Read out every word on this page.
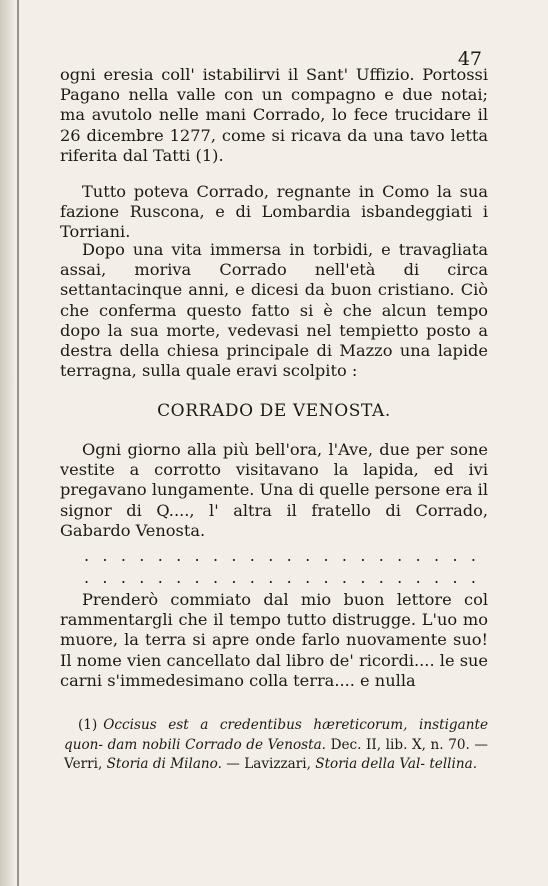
47
ogni eresia coll' istabilirvi il Sant' Uffizio. Portossi Pagano nella valle con un compagno e due notai; ma avutolo nelle mani Corrado, lo fece trucidare il 26 dicembre 1277, come si ricava da una tavo letta riferita dal Tatti (1).
Tutto poteva Corrado, regnante in Como la sua fazione Ruscona, e di Lombardia isbandeggiati i Torriani.
Dopo una vita immersa in torbidi, e travagliata assai, moriva Corrado nell'età di circa settantacinque anni, e dicesi da buon cristiano. Ciò che conferma questo fatto si è che alcun tempo dopo la sua morte, vedevasi nel tempietto posto a destra della chiesa principale di Mazzo una lapide terragna, sulla quale eravi scolpito :
CORRADO DE VENOSTA.
Ogni giorno alla più bell'ora, l'Ave, due per sone vestite a corrotto visitavano la lapida, ed ivi pregavano lungamente. Una di quelle persone era il signor di Q...., l' altra il fratello di Corrado, Gabardo Venosta.
. . . . . . . . . . . . . . . . . . . . . .
. . . . . . . . . . . . . . . . . . . . . .
Prenderò commiato dal mio buon lettore col rammentargli che il tempo tutto distrugge. L'uo mo muore, la terra si apre onde farlo nuovamente suo! Il nome vien cancellato dal libro de' ricordi.... le sue carni s'immedesimano colla terra.... e nulla
(1) Occisus est a credentibus hæreticorum, instigante quon- dam nobili Corrado de Venosta. Dec. II, lib. X, n. 70. — Verri, Storia di Milano. — Lavizzari, Storia della Val- tellina.
